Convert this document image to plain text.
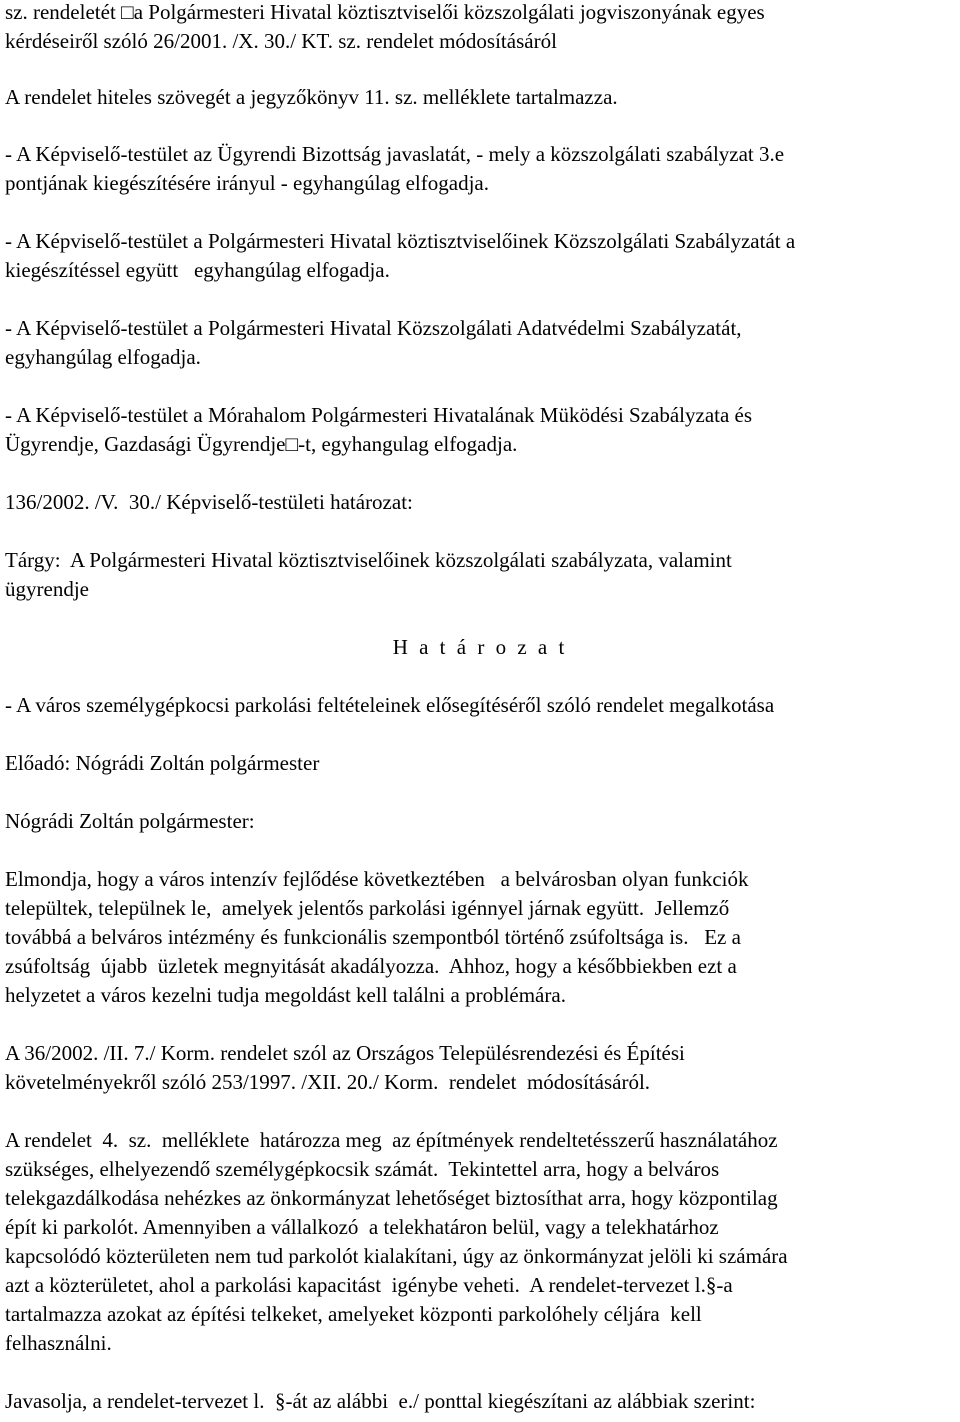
sz. rendeletét □a Polgármesteri Hivatal köztisztviselői közszolgálati jogviszonyának egyes
kérdéseiről szóló 26/2001. /X. 30./ KT. sz. rendelet módosításáról
A rendelet hiteles szövegét a jegyzőkönyv 11. sz. melléklete tartalmazza.
- A Képviselő-testület az Ügyrendi Bizottság javaslatát, - mely a közszolgálati szabályzat 3.e
pontjának kiegészítésére irányul - egyhangúlag elfogadja.
- A Képviselő-testület a Polgármesteri Hivatal köztisztviselőinek Közszolgálati Szabályzatát a
kiegészítéssel együtt   egyhangúlag elfogadja.
- A Képviselő-testület a Polgármesteri Hivatal Közszolgálati Adatvédelmi Szabályzatát,
egyhangúlag elfogadja.
- A Képviselő-testület a Mórahalom Polgármesteri Hivatalának Müködési Szabályzata és
Ügyrendje, Gazdasági Ügyrendje□-t, egyhangulag elfogadja.
136/2002. /V.  30./ Képviselő-testületi határozat:
Tárgy:  A Polgármesteri Hivatal köztisztviselőinek közszolgálati szabályzata, valamint
ügyrendje
H a t á r o z a t
- A város személygépkocsi parkolási feltételeinek elősegítéséről szóló rendelet megalkotása
Előadó: Nógrádi Zoltán polgármester
Nógrádi Zoltán polgármester:
Elmondja, hogy a város intenzív fejlődése következtében   a belvárosban olyan funkciók
települtek, települnek le,  amelyek jelentős parkolási igénnyel járnak együtt.  Jellemző
továbbá a belváros intézmény és funkcionális szempontból történő zsúfoltsága is.   Ez a
zsúfoltság  újabb  üzletek megnyitását akadályozza.  Ahhoz, hogy a későbbiekben ezt a
helyzetet a város kezelni tudja megoldást kell találni a problémára.
A 36/2002. /II. 7./ Korm. rendelet szól az Országos Településrendezési és Építési
követelményekről szóló 253/1997. /XII. 20./ Korm.  rendelet  módosításáról.
A rendelet  4.  sz.  melléklete  határozza meg  az építmények rendeltetésszerű használatához
szükséges, elhelyezendő személygépkocsik számát.  Tekintettel arra, hogy a belváros
telekgazdálkodása nehézkes az önkormányzat lehetőséget biztosíthat arra, hogy központilag
épít ki parkolót. Amennyiben a vállalkozó  a telekhatáron belül, vagy a telekhatárhoz
kapcsolódó közterületen nem tud parkolót kialakítani, úgy az önkormányzat jelöli ki számára
azt a közterületet, ahol a parkolási kapacitást  igénybe veheti.  A rendelet-tervezet l.§-a
tartalmazza azokat az építési telkeket, amelyeket központi parkolóhely céljára  kell
felhasználni.
Javasolja, a rendelet-tervezet l.  §-át az alábbi  e./ ponttal kiegészítani az alábbiak szerint:
